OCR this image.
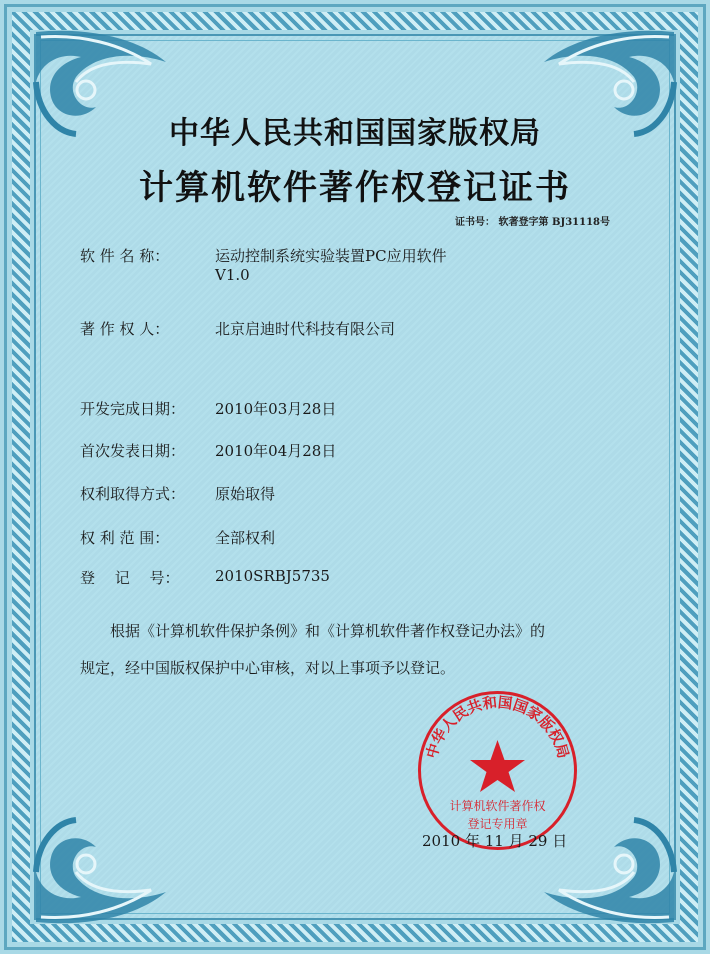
中华人民共和国国家版权局
计算机软件著作权登记证书
证书号： 软著登字第 BJ31118号
软 件 名 称：	运动控制系统实验装置PC应用软件
V1.0
著 作 权 人：	北京启迪时代科技有限公司
开发完成日期：	2010年03月28日
首次发表日期：	2010年04月28日
权利取得方式：	原始取得
权 利 范 围：	全部权利
登　 记　 号：	2010SRBJ5735
根据《计算机软件保护条例》和《计算机软件著作权登记办法》的
规定，经中国版权保护中心审核，对以上事项予以登记。
中华人民共和国国家版权局
计算机软件著作权
登记专用章
2010 年 11 月 29 日
